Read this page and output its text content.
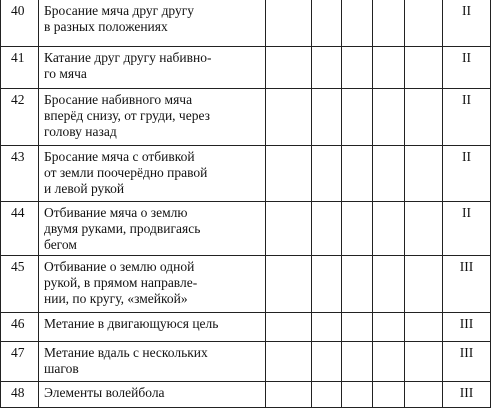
40	Бросание мяча друг другу
в разных положениях						II
41	Катание друг другу набивно-
го мяча						II
42	Бросание набивного мяча
вперёд снизу, от груди, через
голову назад						II
43	Бросание мяча с отбивкой
от земли поочерёдно правой
и левой рукой						II
44	Отбивание мяча о землю
двумя руками, продвигаясь
бегом						II
45	Отбивание о землю одной
рукой, в прямом направле-
нии, по кругу, «змейкой»						III
46	Метание в двигающуюся цель						III
47	Метание вдаль с нескольких
шагов						III
48	Элементы волейбола						III
